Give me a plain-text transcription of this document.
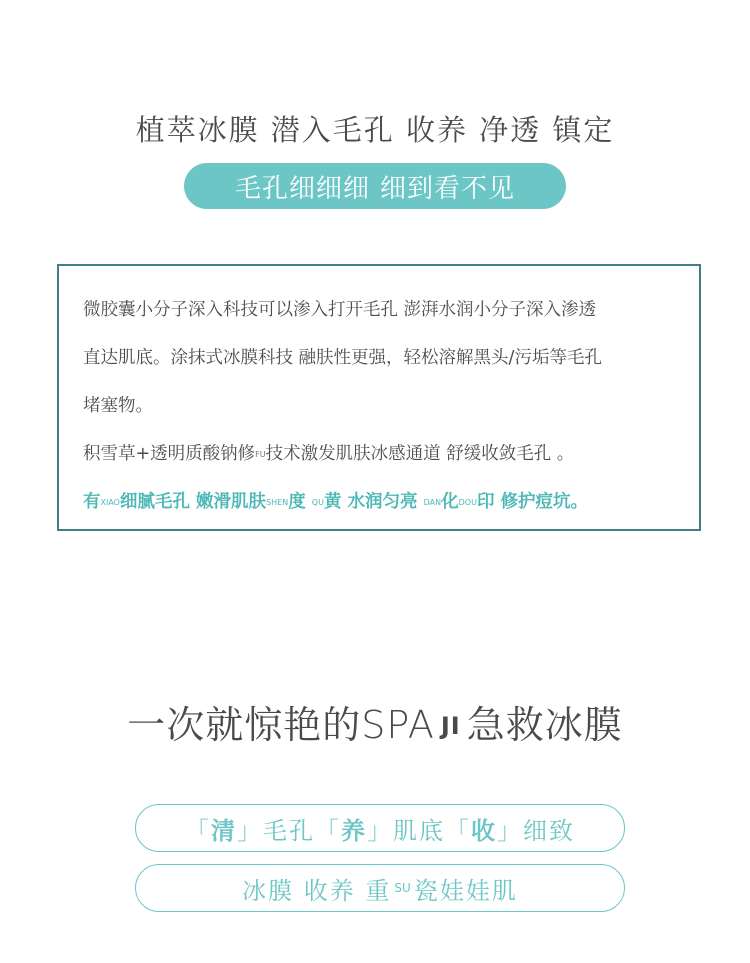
植萃冰膜 潜入毛孔 收养 净透 镇定
毛孔细细细 细到看不见
微胶囊小分子深入科技可以渗入打开毛孔 澎湃水润小分子深入渗透
直达肌底。涂抹式冰膜科技 融肤性更强，轻松溶解黑头/污垢等毛孔
堵塞物。
积雪草+透明质酸钠修FU技术激发肌肤冰感通道 舒缓收敛毛孔 。
有XIAO细腻毛孔 嫩滑肌肤SHEN度 QU黄 水润匀亮 DAN化DOU印 修护痘坑。
一次就惊艳的SPA JI 急救冰膜
「 清 」 毛孔 「 养 」 肌底 「 收 」 细致
冰膜 收养 重 SU 瓷娃娃肌
